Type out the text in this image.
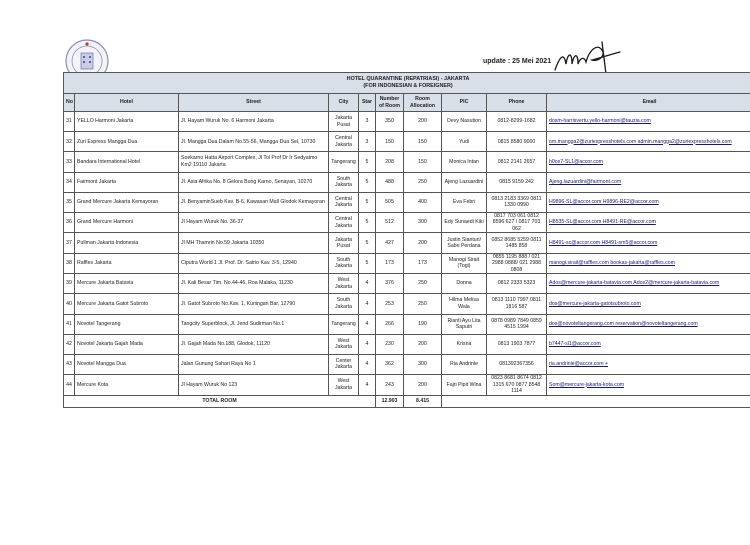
update : 25 Mei 2021
HOTEL QUARANTINE (REPATRIASI) - JAKARTA
(FOR INDONESIAN & FOREIGNER)									

No	Hotel	Street	City	Star	Number of Room	Room Allocation	PIC	Phone	Email
31	YELLO Harmoni Jakarta	Jl. Hayam Wuruk No. 6 Harmoni Jakarta	Jakarta Pusat	3	350	200	Devy Nasution	0812-8299-1682	dosm-harrisvertu.yello-harmoni@tauzia.com
32	Zuri Express Mangga Dua	Jl. Mangga Dua Dalam No.55-56, Mangga Dua Sel, 10730	Central Jakarta	3	150	150	Yudi	0815 8580 9000	om.mangga2@zuriexpresshotels.com admin.mangga2@zuriexpresshotels.com
33	Bandara International Hotel	Soekarno Hatta Airport Complex, Jl Tol Prof Dr Ir Sedyatmo Km2 19110 Jakarta	Tangerang	5	208	150	Monica Intan	0812 2141 2657	h0ce7-SL1@accor.com
34	Fairmont Jakarta	Jl. Asia Afrika No. 8 Gelora Bung Karno, Senayan, 10270	South Jakarta	5	488	250	Ajeng Lazuardini	0815 9159 242	Ajeng.lazuardini@fairmont.com
35	Grand Mercure Jakarta Kemayoran	Jl. BenyaminSueb Kav. B-6, Kawasan Mall Glodok Kemayoran	Central Jakarta	5	505	400	Eva Febri	0813 2183 3369 0811 1330 0990	H9896-SL@accor.com H9896-RE2@accor.com
36	Grand Mercure Harmoni	Jl Hayam Wuruk No. 36-37	Central Jakarta	5	512	300	Edy Sunaedi Kiki	0817 703 061 0812 8596 627 / 0817 703 062	H8535-SL@accor.com H8491-RE@accor.com
37	Pullman Jakarta Indonesia	Jl MH Thamrin No.59 Jakarta 10350	Jakarta Pusat	5	427	200	Justin Sianturi/ Sabri Perdana	0852 8685 5259 0811 1485 858	H8491-sc@accor.com H8491-sm5@accor.com
38	Raffles Jakarta	Ciputra World 1 Jl. Prof. Dr. Satrio Kav. 3-5, 12940	South Jakarta	5	173	173	Manogi Sirait (Togi)	0855 1195 888 / 021 2988 0888/ 021 2988 0808	manogi.sirait@raffles.com bookas-jakarta@raffles.com
39	Mercure Jakarta Batavia	Jl. Kali Besar Tim. No.44-46, Roa Malaka, 11230	West Jakarta	4	376	250	Donna	0812 2333 5323	Ados@mercure-jakarta-batavia.com Ados2@mercure-jakarta-batavia.com
40	Mercure Jakarta Gatot Subroto	Jl. Gatot Subroto No.Kav. 1, Kuningan Bar, 12790	South Jakarta	4	253	250	Hilma Melisa Wala	0813 1110 7997 0811 1816 587	dos@mercure-jakarta-gatotsubroto.com
41	Novotel Tangerang	Tangcity Superblock, Jl. Jend Sudirman No.1	Tangerang	4	266	190	Rianti Ayu Lita Saputri	0878 0989 7849 0859 4515 1994	dos@novoteltangerang.com reservation@novoteltangerang.com
42	Novotel Jakarta Gajah Mada	Jl. Gajah Mada No.188, Glodok, 11120	West Jakarta	4	230	200	Krisna	0813 1903 7877	b7447-sl1@accor.com
43	Novotel Mangga Dua	Jalan Gunung Sahari Raya No 1	Center Jakarta	4	362	300	Ria Andrinie	081392367356	ria.andrinie@accor.com +
44	Mercure Kota	Jl Hayam Wuruk No 123	West Jakarta	4	243	200	Fajri Pipit Wina	0823 8681 8674 0812 1315 670 0877 8548 1114	Som@mercure-jakarta-kota.com
TOTAL ROOM					12.903	8.415			
